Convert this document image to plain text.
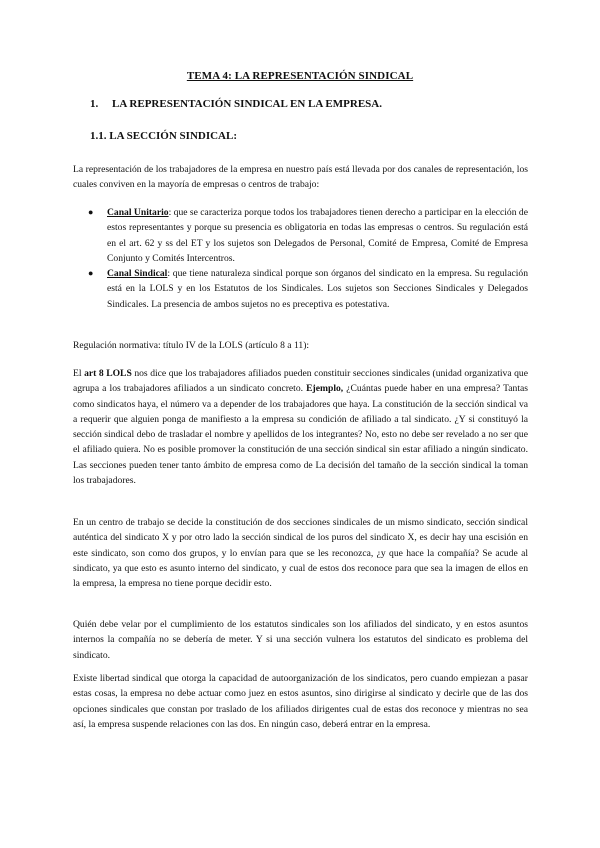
TEMA 4: LA REPRESENTACIÓN SINDICAL
1. LA REPRESENTACIÓN SINDICAL EN LA EMPRESA.
1.1. LA SECCIÓN SINDICAL:
La representación de los trabajadores de la empresa en nuestro país está llevada por dos canales de representación, los cuales conviven en la mayoría de empresas o centros de trabajo:
● Canal Unitario: que se caracteriza porque todos los trabajadores tienen derecho a participar en la elección de estos representantes y porque su presencia es obligatoria en todas las empresas o centros. Su regulación está en el art. 62 y ss del ET y los sujetos son Delegados de Personal, Comité de Empresa, Comité de Empresa Conjunto y Comités Intercentros.
● Canal Sindical: que tiene naturaleza sindical porque son órganos del sindicato en la empresa. Su regulación está en la LOLS y en los Estatutos de los Sindicales. Los sujetos son Secciones Sindicales y Delegados Sindicales. La presencia de ambos sujetos no es preceptiva es potestativa.
Regulación normativa: título IV de la LOLS (artículo 8 a 11):
El art 8 LOLS nos dice que los trabajadores afiliados pueden constituir secciones sindicales (unidad organizativa que agrupa a los trabajadores afiliados a un sindicato concreto. Ejemplo, ¿Cuántas puede haber en una empresa? Tantas como sindicatos haya, el número va a depender de los trabajadores que haya. La constitución de la sección sindical va a requerir que alguien ponga de manifiesto a la empresa su condición de afiliado a tal sindicato. ¿Y si constituyó la sección sindical debo de trasladar el nombre y apellidos de los integrantes? No, esto no debe ser revelado a no ser que el afiliado quiera. No es posible promover la constitución de una sección sindical sin estar afiliado a ningún sindicato. Las secciones pueden tener tanto ámbito de empresa como de La decisión del tamaño de la sección sindical la toman los trabajadores.
En un centro de trabajo se decide la constitución de dos secciones sindicales de un mismo sindicato, sección sindical auténtica del sindicato X y por otro lado la sección sindical de los puros del sindicato X, es decir hay una escisión en este sindicato, son como dos grupos, y lo envían para que se les reconozca, ¿y que hace la compañía? Se acude al sindicato, ya que esto es asunto interno del sindicato, y cual de estos dos reconoce para que sea la imagen de ellos en la empresa, la empresa no tiene porque decidir esto.
Quién debe velar por el cumplimiento de los estatutos sindicales son los afiliados del sindicato, y en estos asuntos internos la compañía no se debería de meter. Y si una sección vulnera los estatutos del sindicato es problema del sindicato.
Existe libertad sindical que otorga la capacidad de autoorganización de los sindicatos, pero cuando empiezan a pasar estas cosas, la empresa no debe actuar como juez en estos asuntos, sino dirigirse al sindicato y decirle que de las dos opciones sindicales que constan por traslado de los afiliados dirigentes cual de estas dos reconoce y mientras no sea así, la empresa suspende relaciones con las dos. En ningún caso, deberá entrar en la empresa.
